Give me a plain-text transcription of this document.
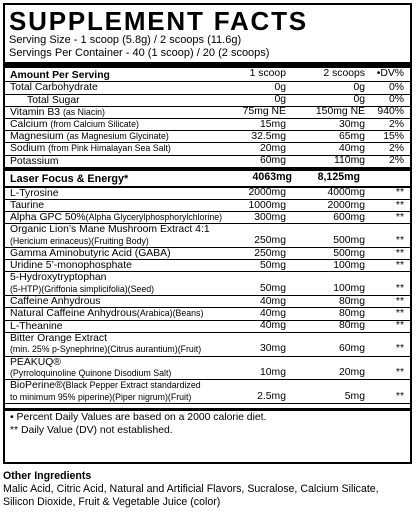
SUPPLEMENT FACTS
Serving Size - 1 scoop (5.8g) / 2 scoops (11.6g)
Servings Per Container - 40 (1 scoop) / 20 (2 scoops)
Amount Per Serving	1 scoop	2 scoops •DV%
Total Carbohydrate	0g	0g 0%
Total Sugar	0g	0g 0%
Vitamin B3 (as Niacin)	75mg NE	150mg NE 940%
Calcium (from Calcium Silicate)	15mg	30mg 2%
Magnesium (as Magnesium Glycinate)	32.5mg	65mg 15%
Sodium (from Pink Himalayan Sea Salt)	20mg	40mg 2%
Potassium	60mg	110mg 2%
Laser Focus & Energy*	4063mg 8,125mg
L-Tyrosine	2000mg	4000mg	**
Taurine	1000mg	2000mg	**
Alpha GPC 50%(Alpha Glycerylphosphorylchlorine)	300mg	600mg	**
Organic Lion’s Mane Mushroom Extract 4:1
(Hericium erinaceus)(Fruiting Body)	250mg	500mg	**
Gamma Aminobutyric Acid (GABA)	250mg	500mg	**
Uridine 5’-monophosphate	50mg	100mg	**
5-Hydroxytryptophan
(5-HTP)(Griffonia simplicifolia)(Seed)	50mg	100mg	**
Caffeine Anhydrous	40mg	80mg	**
Natural Caffeine Anhydrous(Arabica)(Beans)	40mg	80mg	**
L-Theanine	40mg	80mg	**
Bitter Orange Extract
(min. 25% p-Synephrine)(Citrus aurantium)(Fruit)	30mg	60mg	**
PEAKUQ®
(Pyrroloquinoline Quinone Disodium Salt)	10mg	20mg	**
BioPerine®(Black Pepper Extract standardized
to minimum 95% piperine)(Piper nigrum)(Fruit)	2.5mg	5mg	**
• Percent Daily Values are based on a 2000 calorie diet.
** Daily Value (DV) not established.
Other Ingredients
Malic Acid, Citric Acid, Natural and Artificial Flavors, Sucralose, Calcium Silicate,
Silicon Dioxide, Fruit & Vegetable Juice (color)
